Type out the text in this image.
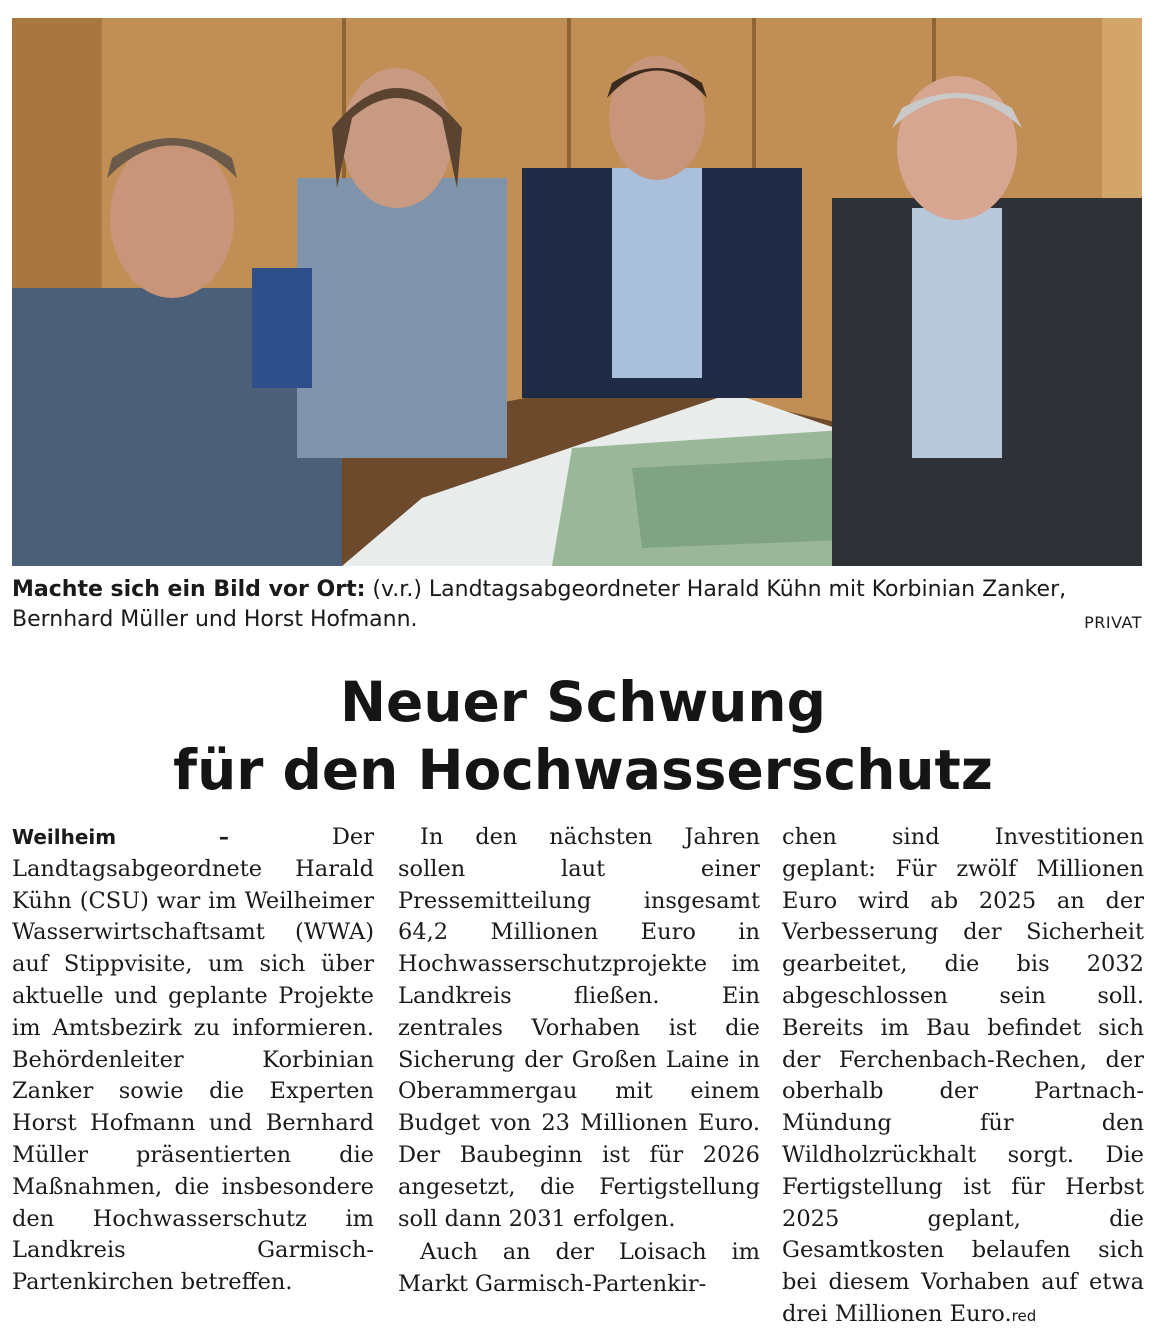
Machte sich ein Bild vor Ort: (v.r.) Landtagsabgeordneter Harald Kühn mit Korbinian Zanker, Bernhard Müller und Horst Hofmann.	PRIVAT
Neuer Schwung
für den Hochwasserschutz

Weilheim – Der Landtagsabgeordnete Harald Kühn (CSU) war im Weilheimer Wasserwirtschaftsamt (WWA) auf Stippvisite, um sich über aktuelle und geplante Projekte im Amtsbezirk zu informieren. Behördenleiter Korbinian Zanker sowie die Experten Horst Hofmann und Bernhard Müller präsentierten die Maßnahmen, die insbesondere den Hochwasserschutz im Landkreis Garmisch-Partenkirchen betreffen.

In den nächsten Jahren sollen laut einer Pressemitteilung insgesamt 64,2 Millionen Euro in Hochwasserschutzprojekte im Landkreis fließen. Ein zentrales Vorhaben ist die Sicherung der Großen Laine in Oberammergau mit einem Budget von 23 Millionen Euro. Der Baubeginn ist für 2026 angesetzt, die Fertigstellung soll dann 2031 erfolgen.

Auch an der Loisach im Markt Garmisch-Partenkir-

chen sind Investitionen geplant: Für zwölf Millionen Euro wird ab 2025 an der Verbesserung der Sicherheit gearbeitet, die bis 2032 abgeschlossen sein soll. Bereits im Bau befindet sich der Ferchenbach-Rechen, der oberhalb der Partnach-Mündung für den Wildholzrückhalt sorgt. Die Fertigstellung ist für Herbst 2025 geplant, die Gesamtkosten belaufen sich bei diesem Vorhaben auf etwa drei Millionen Euro.red
